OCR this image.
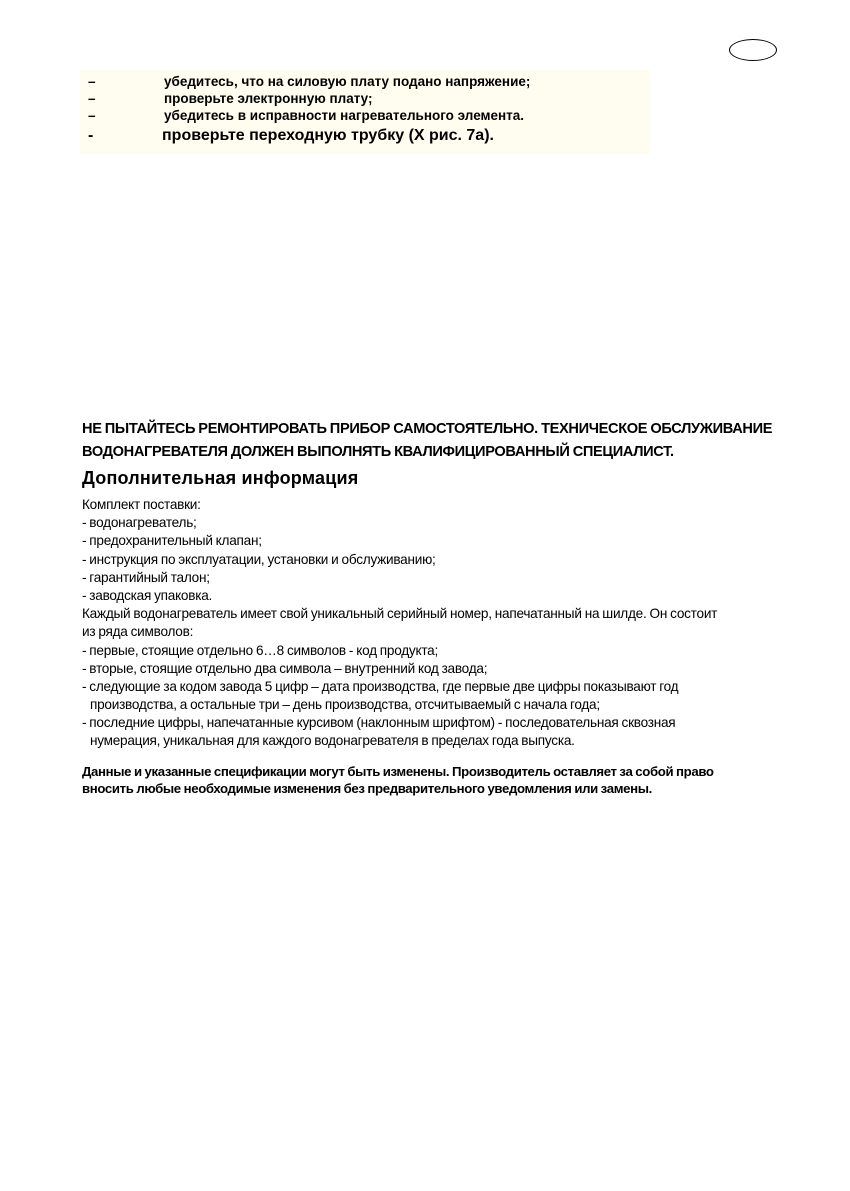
–	убедитесь, что на силовую плату подано напряжение;
–	проверьте электронную плату;
–	убедитесь в исправности нагревательного элемента.
-	проверьте переходную трубку (Х рис. 7а).
НЕ ПЫТАЙТЕСЬ РЕМОНТИРОВАТЬ ПРИБОР САМОСТОЯТЕЛЬНО. ТЕХНИЧЕСКОЕ ОБСЛУЖИВАНИЕ
ВОДОНАГРЕВАТЕЛЯ ДОЛЖЕН ВЫПОЛНЯТЬ КВАЛИФИЦИРОВАННЫЙ СПЕЦИАЛИСТ.
Дополнительная информация
Комплект поставки:
- водонагреватель;
- предохранительный клапан;
- инструкция по эксплуатации, установки и обслуживанию;
- гарантийный талон;
- заводская упаковка.
Каждый водонагреватель имеет свой уникальный серийный номер, напечатанный на шилде. Он состоит
из ряда символов:
- первые, стоящие отдельно 6…8 символов - код продукта;
- вторые, стоящие отдельно два символа – внутренний код завода;
- следующие за кодом завода 5 цифр – дата производства, где первые две цифры показывают год
производства, а остальные три – день производства, отсчитываемый с начала года;
- последние цифры, напечатанные курсивом (наклонным шрифтом) - последовательная сквозная
нумерация, уникальная для каждого водонагревателя в пределах года выпуска.
Данные и указанные спецификации могут быть изменены. Производитель оставляет за собой право
вносить любые необходимые изменения без предварительного уведомления или замены.
